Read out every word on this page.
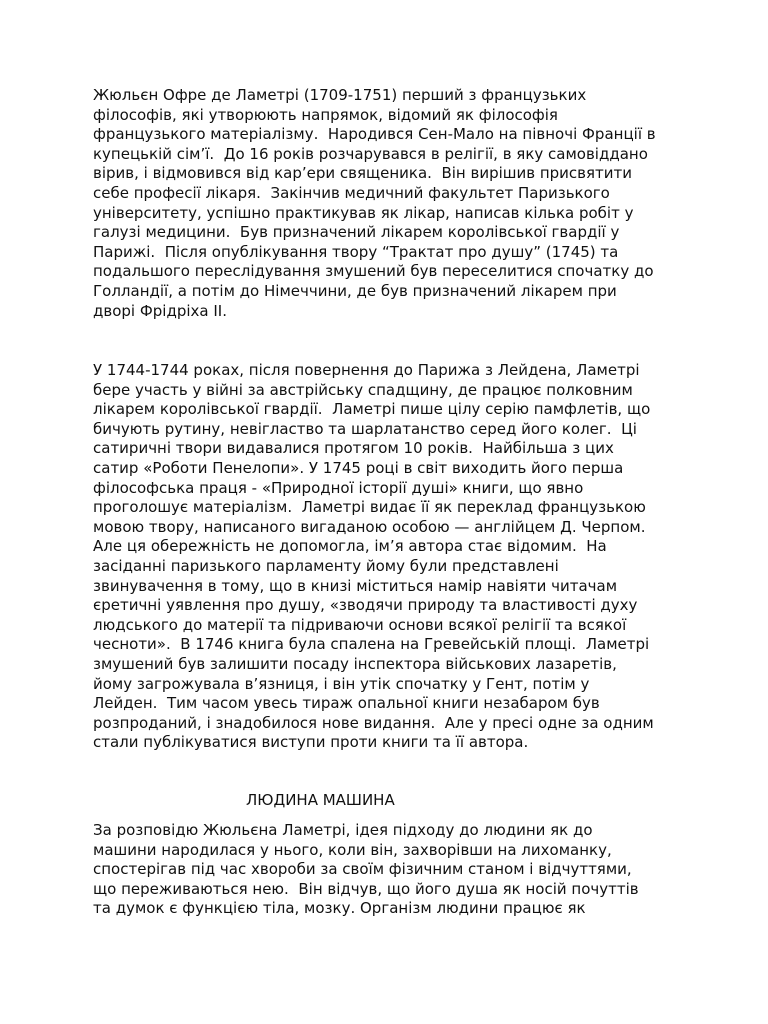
Жюльєн Офре де Ламетрі (1709-1751) перший з французьких
філософів, які утворюють напрямок, відомий як філософія
французького матеріалізму.  Народився Сен-Мало на півночі Франції в
купецькій сім’ї.  До 16 років розчарувався в релігії, в яку самовіддано
вірив, і відмовився від кар’ери священика.  Він вирішив присвятити
себе професії лікаря.  Закінчив медичний факультет Паризького
університету, успішно практикував як лікар, написав кілька робіт у
галузі медицини.  Був призначений лікарем королівської гвардії у
Парижі.  Після опублікування твору “Трактат про душу” (1745) та
подальшого переслідування змушений був переселитися спочатку до
Голландії, а потім до Німеччини, де був призначений лікарем при
дворі Фрідріха ІІ.

У 1744-1744 роках, після повернення до Парижа з Лейдена, Ламетрі
бере участь у війні за австрійську спадщину, де працює полковним
лікарем королівської гвардії.  Ламетрі пише цілу серію памфлетів, що
бичують рутину, невігластво та шарлатанство серед його колег.  Ці
сатиричні твори видавалися протягом 10 років.  Найбільша з цих
сатир «Роботи Пенелопи». У 1745 році в світ виходить його перша
філософська праця - «Природної історії душі» книги, що явно
проголошує матеріалізм.  Ламетрі видає її як переклад французькою
мовою твору, написаного вигаданою особою — англійцем Д. Черпом.
Але ця обережність не допомогла, ім’я автора стає відомим.  На
засіданні паризького парламенту йому були представлені
звинувачення в тому, що в книзі міститься намір навіяти читачам
єретичні уявлення про душу, «зводячи природу та властивості духу
людського до матерії та підриваючи основи всякої релігії та всякої
чесноти».  В 1746 книга була спалена на Гревейській площі.  Ламетрі
змушений був залишити посаду інспектора військових лазаретів,
йому загрожувала в’язниця, і він утік спочатку у Гент, потім у
Лейден.  Тим часом увесь тираж опальної книги незабаром був
розпроданий, і знадобилося нове видання.  Але у пресі одне за одним
стали публікуватися виступи проти книги та її автора.

ЛЮДИНА МАШИНА

За розповідю Жюльєна Ламетрі, ідея підходу до людини як до
машини народилася у нього, коли він, захворівши на лихоманку,
спостерігав під час хвороби за своїм фізичним станом і відчуттями,
що переживаються нею.  Він відчув, що його душа як носій почуттів
та думок є функцією тіла, мозку. Організм людини працює як
